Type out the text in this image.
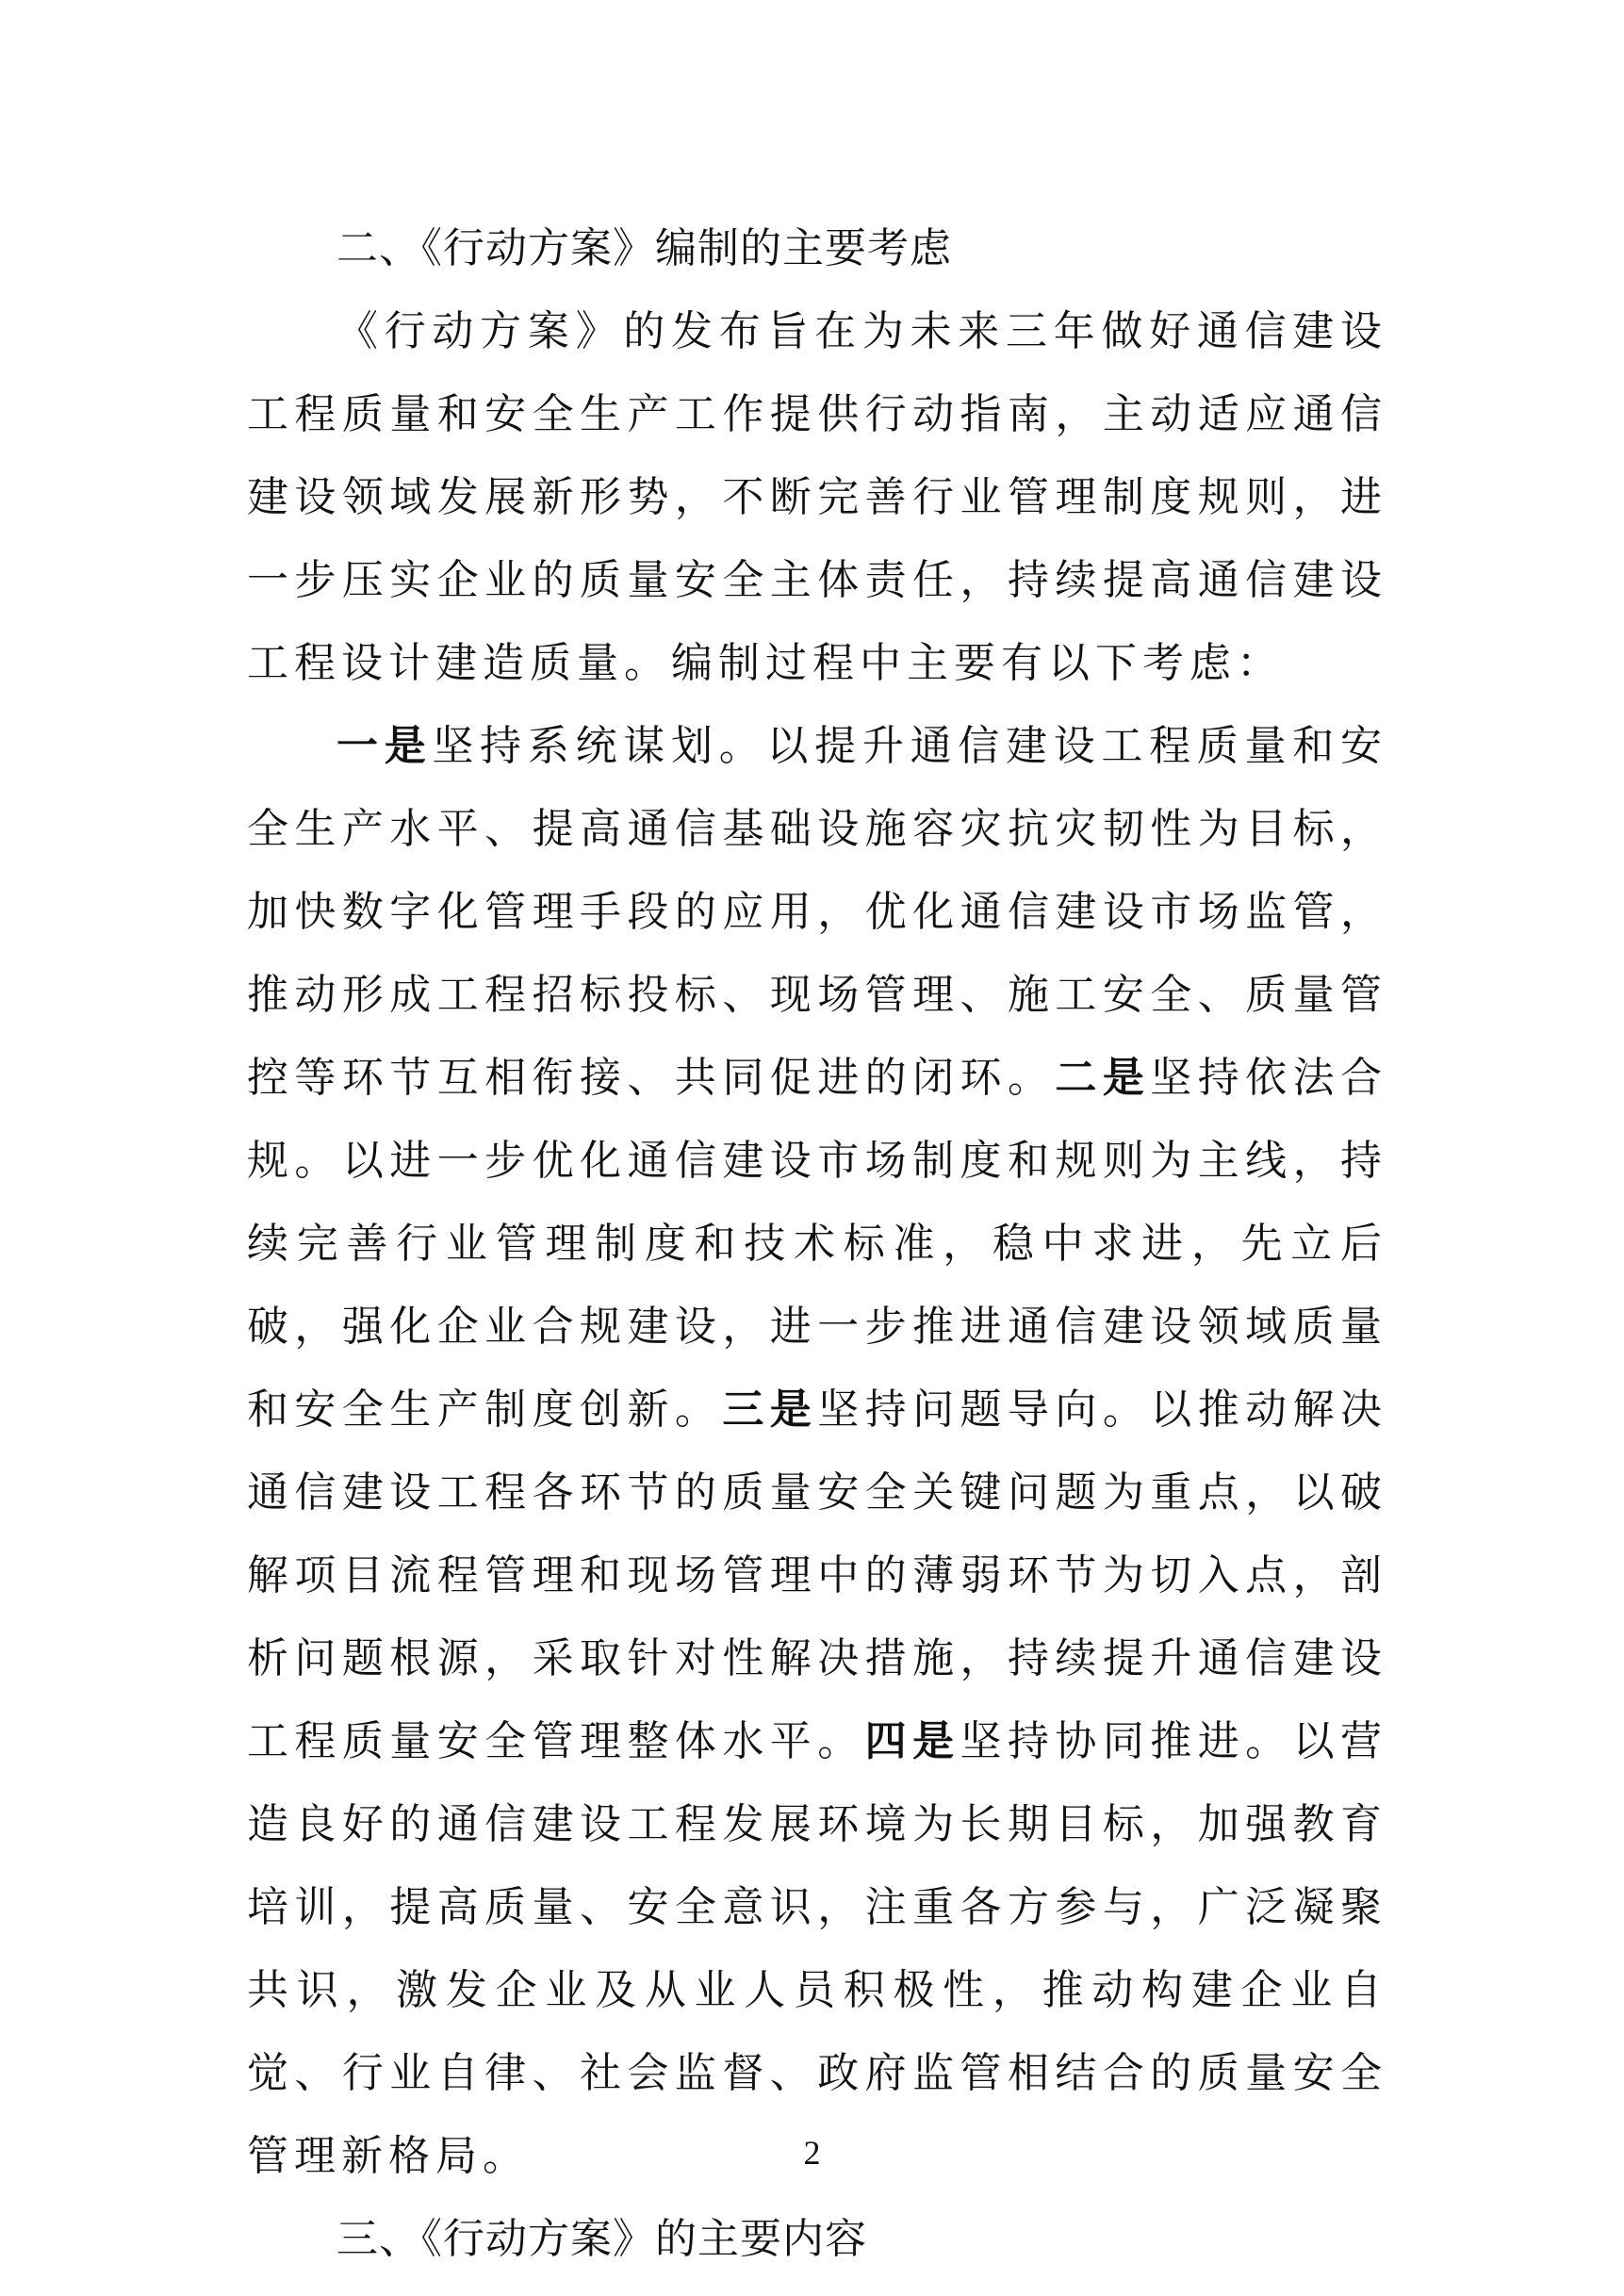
二、《行动方案》编制的主要考虑

《行动方案》的发布旨在为未来三年做好通信建设工程质量和安全生产工作提供行动指南，主动适应通信建设领域发展新形势，不断完善行业管理制度规则，进一步压实企业的质量安全主体责任，持续提高通信建设工程设计建造质量。编制过程中主要有以下考虑：

一是坚持系统谋划。以提升通信建设工程质量和安全生产水平、提高通信基础设施容灾抗灾韧性为目标，加快数字化管理手段的应用，优化通信建设市场监管，推动形成工程招标投标、现场管理、施工安全、质量管控等环节互相衔接、共同促进的闭环。二是坚持依法合规。以进一步优化通信建设市场制度和规则为主线，持续完善行业管理制度和技术标准，稳中求进，先立后破，强化企业合规建设，进一步推进通信建设领域质量和安全生产制度创新。三是坚持问题导向。以推动解决通信建设工程各环节的质量安全关键问题为重点，以破解项目流程管理和现场管理中的薄弱环节为切入点，剖析问题根源，采取针对性解决措施，持续提升通信建设工程质量安全管理整体水平。四是坚持协同推进。以营造良好的通信建设工程发展环境为长期目标，加强教育培训，提高质量、安全意识，注重各方参与，广泛凝聚共识，激发企业及从业人员积极性，推动构建企业自觉、行业自律、社会监督、政府监管相结合的质量安全管理新格局。

三、《行动方案》的主要内容

2
